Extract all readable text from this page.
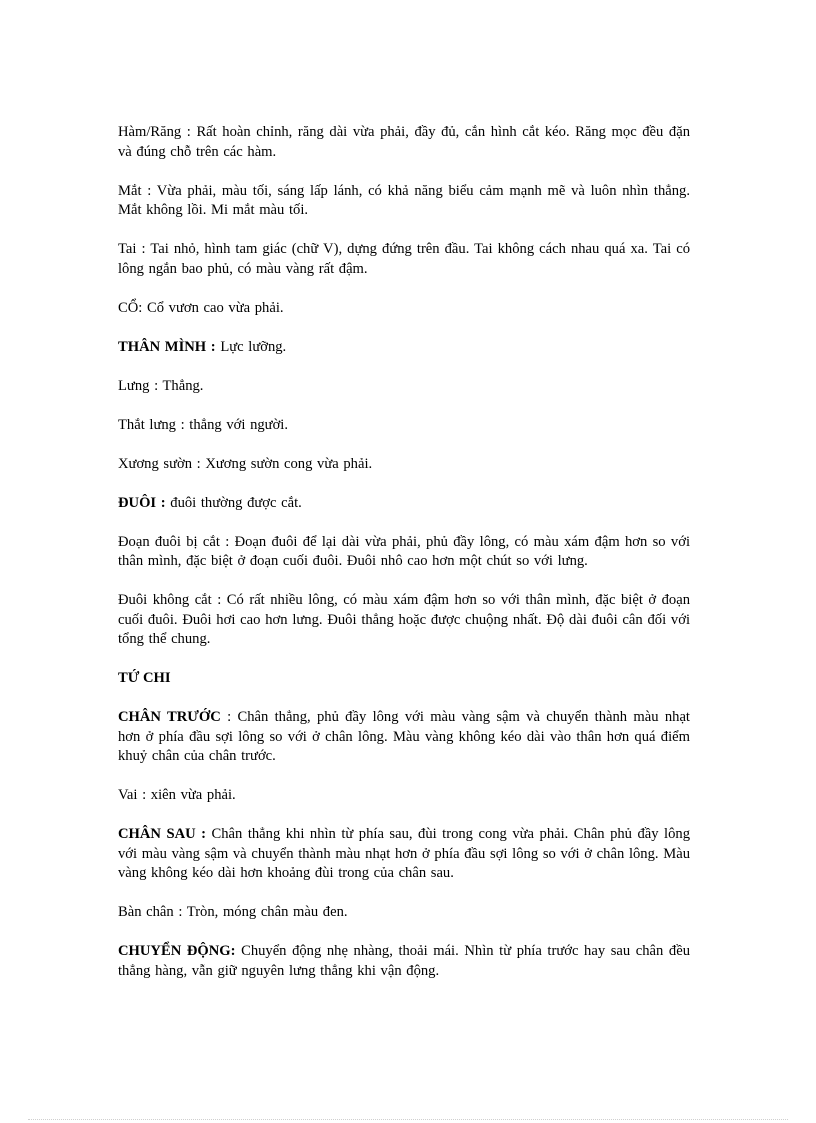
Hàm/Răng : Rất hoàn chỉnh, răng dài vừa phải, đầy đủ, cắn hình cắt kéo. Răng mọc đều đặn và đúng chỗ trên các hàm.

Mắt : Vừa phải, màu tối, sáng lấp lánh, có khả năng biểu cảm mạnh mẽ và luôn nhìn thẳng. Mắt không lồi. Mi mắt màu tối.

Tai : Tai nhỏ, hình tam giác (chữ V), dựng đứng trên đầu. Tai không cách nhau quá xa. Tai có lông ngắn bao phủ, có màu vàng rất đậm.

CỔ: Cổ vươn cao vừa phải.

THÂN MÌNH : Lực lưỡng.

Lưng : Thẳng.

Thắt lưng : thẳng với người.

Xương sườn : Xương sườn cong vừa phải.

ĐUÔI : đuôi thường được cắt.

Đoạn đuôi bị cắt : Đoạn đuôi để lại dài vừa phải, phủ đầy lông, có màu xám đậm hơn so với thân mình, đặc biệt ở đoạn cuối đuôi. Đuôi nhô cao hơn một chút so với lưng.

Đuôi không cắt : Có rất nhiều lông, có màu xám đậm hơn so với thân mình, đặc biệt ở đoạn cuối đuôi. Đuôi hơi cao hơn lưng. Đuôi thẳng hoặc được chuộng nhất. Độ dài đuôi cân đối với tổng thể chung.

TỨ CHI

CHÂN TRƯỚC : Chân thẳng, phủ đầy lông với màu vàng sậm và chuyển thành màu nhạt hơn ở phía đầu sợi lông so với ở chân lông. Màu vàng không kéo dài vào thân hơn quá điểm khuỷ chân của chân trước.

Vai : xiên vừa phải.

CHÂN SAU : Chân thẳng khi nhìn từ phía sau, đùi trong cong vừa phải. Chân phủ đầy lông với màu vàng sậm và chuyển thành màu nhạt hơn ở phía đầu sợi lông so với ở chân lông. Màu vàng không kéo dài hơn khoảng đùi trong của chân sau.

Bàn chân : Tròn, móng chân màu đen.

CHUYỂN ĐỘNG: Chuyển động nhẹ nhàng, thoải mái. Nhìn từ phía trước hay sau chân đều thẳng hàng, vẫn giữ nguyên lưng thẳng khi vận động.
